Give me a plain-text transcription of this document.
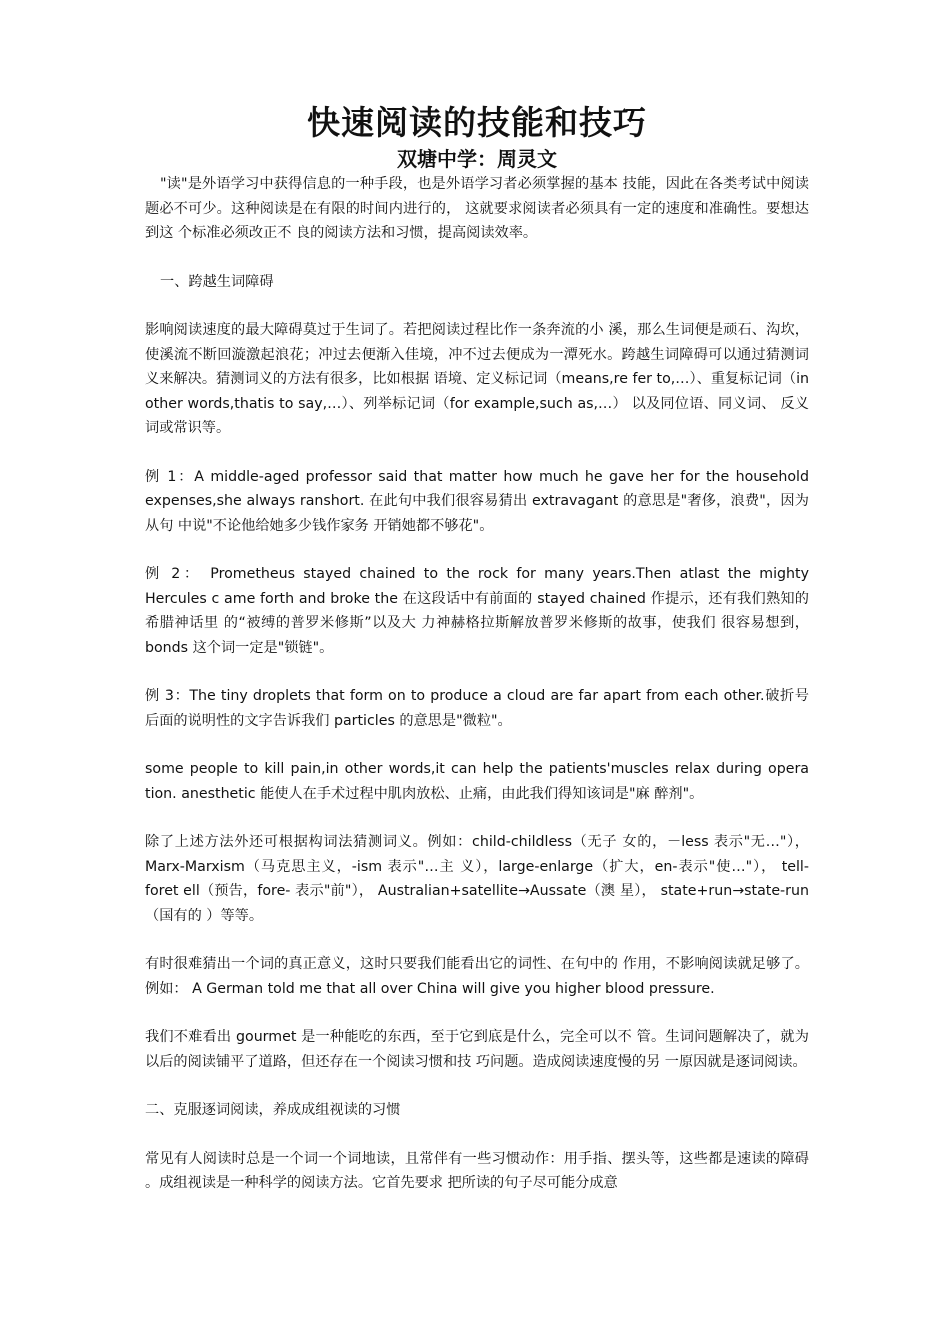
快速阅读的技能和技巧
双塘中学：周灵文

"读"是外语学习中获得信息的一种手段，也是外语学习者必须掌握的基本 技能，因此在各类考试中阅读 题必不可少。这种阅读是在有限的时间内进行的， 这就要求阅读者必须具有一定的速度和准确性。要想达到这 个标准必须改正不 良的阅读方法和习惯，提高阅读效率。

一、跨越生词障碍

影响阅读速度的最大障碍莫过于生词了。若把阅读过程比作一条奔流的小 溪，那么生词便是顽石、沟坎，使溪流不断回漩激起浪花；冲过去便渐入佳境，冲不过去便成为一潭死水。跨越生词障碍可以通过猜测词义来解决。猜测词义的方法有很多，比如根据 语境、定义标记词（means,re fer to,…）、重复标记词（in other words,thatis to say,…）、列举标记词（for example,such as,…） 以及同位语、同义词、 反义词或常识等。

例 1：A middle-aged professor said that matter how much he gave her for the household expenses,she always ranshort. 在此句中我们很容易猜出 extravagant 的意思是"奢侈，浪费"，因为从句 中说"不论他给她多少钱作家务 开销她都不够花"。

例 2： Prometheus stayed chained to the rock for many years.Then atlast the mighty Hercules c ame forth and broke the 在这段话中有前面的 stayed chained 作提示，还有我们熟知的希腊神话里 的“被缚的普罗米修斯”以及大 力神赫格拉斯解放普罗米修斯的故事，使我们 很容易想到，bonds 这个词一定是"锁链"。

例 3：The tiny droplets that form on to produce a cloud are far apart from each other.破折号后面的说明性的文字告诉我们 particles 的意思是"微粒"。

some people to kill pain,in other words,it can help the patients'muscles relax during opera tion. anesthetic 能使人在手术过程中肌肉放松、止痛，由此我们得知该词是"麻 醉剂"。

除了上述方法外还可根据构词法猜测词义。例如：child-childless（无子 女的，－less 表示"无…"）， Marx-Marxism（马克思主义，-ism 表示"…主 义），large-enlarge（扩大，en-表示"使…"）， tell-foret ell（预告，fore- 表示"前"）， Australian+satellite→Aussate（澳 星）， state+run→state-run （国有的 ）等等。

有时很难猜出一个词的真正意义，这时只要我们能看出它的词性、在句中的 作用，不影响阅读就足够了。 例如： A German told me that all over China will give you higher blood pressure.

我们不难看出 gourmet 是一种能吃的东西，至于它到底是什么，完全可以不 管。生词问题解决了，就为以后的阅读铺平了道路，但还存在一个阅读习惯和技 巧问题。造成阅读速度慢的另 一原因就是逐词阅读。

二、克服逐词阅读，养成成组视读的习惯

常见有人阅读时总是一个词一个词地读，且常伴有一些习惯动作：用手指、摆头等，这些都是速读的障碍 。成组视读是一种科学的阅读方法。它首先要求 把所读的句子尽可能分成意
